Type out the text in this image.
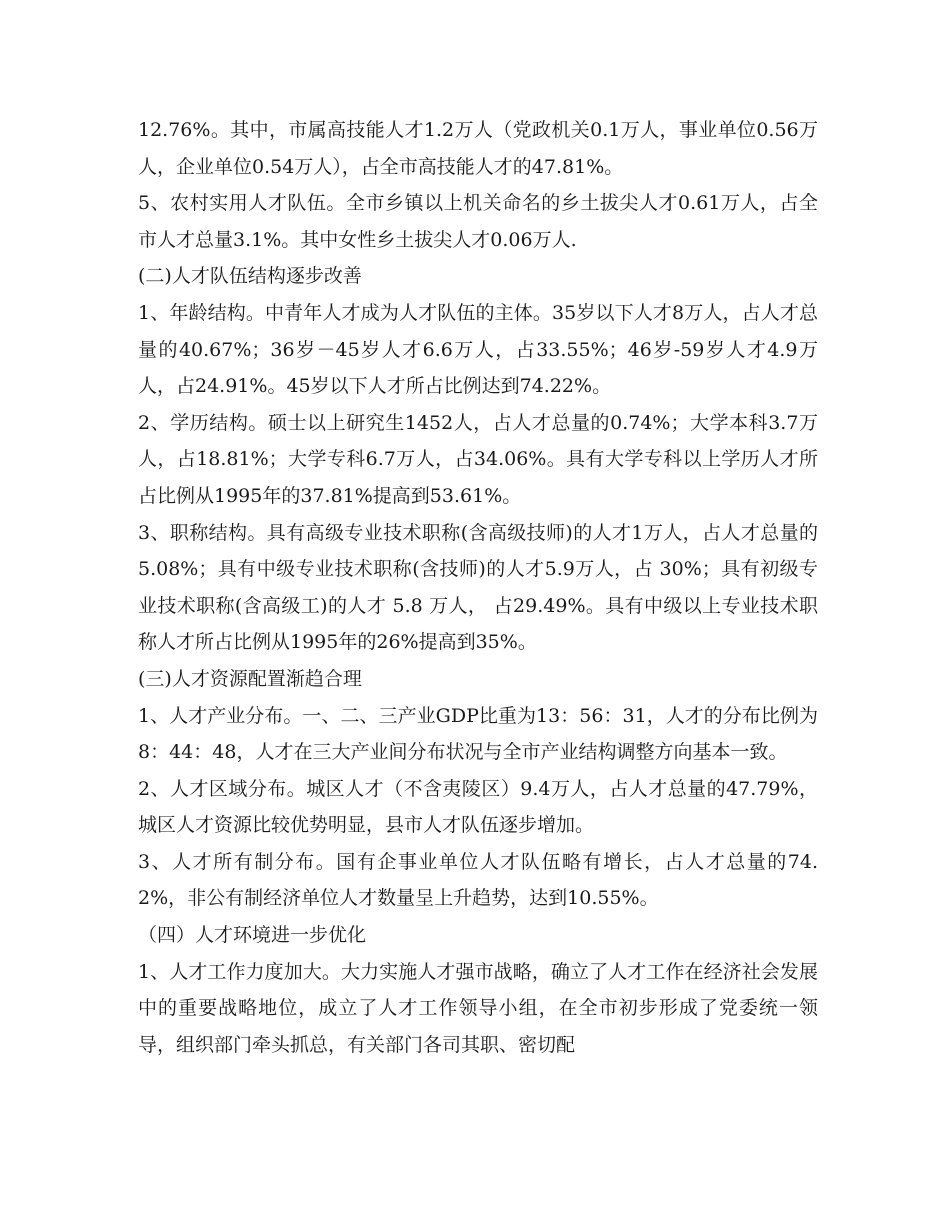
12.76%。其中，市属高技能人才1.2万人（党政机关0.1万人，事业单位0.56万人，企业单位0.54万人），占全市高技能人才的47.81%。

5、农村实用人才队伍。全市乡镇以上机关命名的乡土拔尖人才0.61万人，占全市人才总量3.1%。其中女性乡土拔尖人才0.06万人.

(二)人才队伍结构逐步改善

1、年龄结构。中青年人才成为人才队伍的主体。35岁以下人才8万人，占人才总量的40.67%；36岁－45岁人才6.6万人，占33.55%；46岁-59岁人才4.9万人，占24.91%。45岁以下人才所占比例达到74.22%。

2、学历结构。硕士以上研究生1452人，占人才总量的0.74%；大学本科3.7万人，占18.81%；大学专科6.7万人，占34.06%。具有大学专科以上学历人才所占比例从1995年的37.81%提高到53.61%。

3、职称结构。具有高级专业技术职称(含高级技师)的人才1万人，占人才总量的5.08%；具有中级专业技术职称(含技师)的人才5.9万人，占 30%；具有初级专业技术职称(含高级工)的人才 5.8 万人， 占29.49%。具有中级以上专业技术职称人才所占比例从1995年的26%提高到35%。

(三)人才资源配置渐趋合理

1、人才产业分布。一、二、三产业GDP比重为13：56：31，人才的分布比例为8：44：48，人才在三大产业间分布状况与全市产业结构调整方向基本一致。

2、人才区域分布。城区人才（不含夷陵区）9.4万人，占人才总量的47.79%，城区人才资源比较优势明显，县市人才队伍逐步增加。

3、人才所有制分布。国有企事业单位人才队伍略有增长，占人才总量的74.2%，非公有制经济单位人才数量呈上升趋势，达到10.55%。

（四）人才环境进一步优化

1、人才工作力度加大。大力实施人才强市战略，确立了人才工作在经济社会发展中的重要战略地位，成立了人才工作领导小组，在全市初步形成了党委统一领导，组织部门牵头抓总，有关部门各司其职、密切配
